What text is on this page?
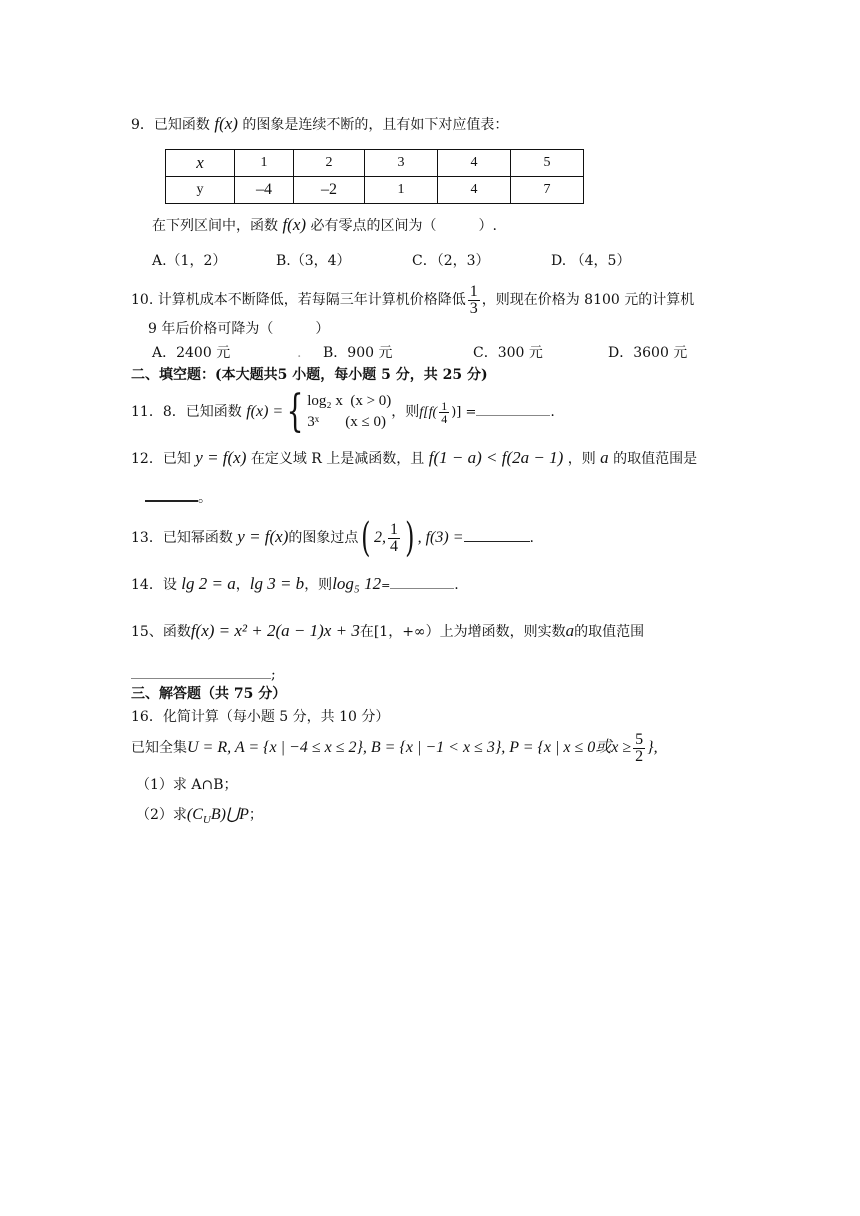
9．已知函数 f(x) 的图象是连续不断的，且有如下对应值表：
x	1	2	3	4	5
y	–4	–2	1	4	7
在下列区间中，函数 f(x) 必有零点的区间为（　　　）.
A.（1，2）	B.（3，4）	C．（2，3）	D. （4，5）
10. 计算机成本不断降低，若每隔三年计算机价格降低 $\frac{1}{3}$ ，则现在价格为 8100 元的计算机
9 年后价格可降为（　　　）
A．2400 元	. B．900 元	C．300 元	D．3600 元
二、填空题：(本大题共5 小题，每小题 5 分，共 25 分)
11．8．已知函数 f(x) ={ log₂ x (x > 0)
3ˣ (x ≤ 0)
，则$f[f( \frac{1}{4}$ )] =	.
12．已知 y = f(x) 在定义域 R 上是减函数，且 f(1 − a) < f(2a − 1) ，则 a 的取值范围是
。
13．已知幂函数 y = f(x)的图象过点( 2, $\frac{1}{4}$ ) , f(3) =	.
14．设 lg 2 = a，lg 3 = b，则log₅ 12=	.
15、函数f(x) = x² + 2(a − 1)x + 3在[1，+∞）上为增函数，则实数a的取值范围
;
三、解答题（共 75 分）
16．化简计算（每小题 5 分，共 10 分）
已知全集U = R, A = {x | −4 ≤ x ≤ 2}, B = {x | −1 < x ≤ 3}, P = {x | x ≤ 0或$x \ge \frac{5}{2}$ },
（1）求 A∩B；
（2）求$(C_UB)⋃P$；
